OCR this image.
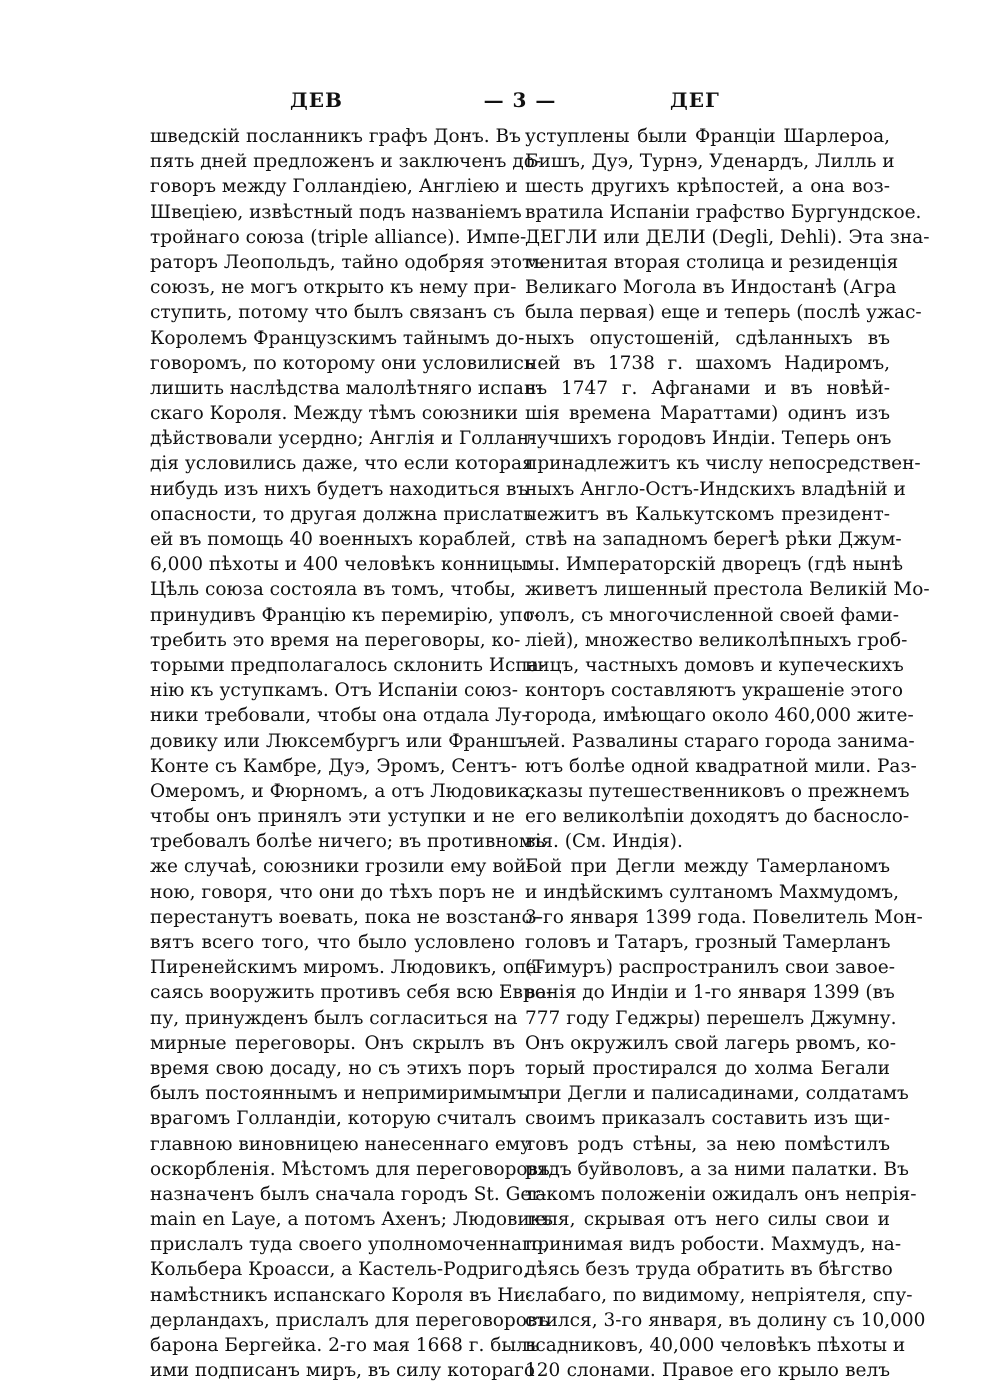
ДЕВ	— 3 —	ДЕГ
шведскій посланникъ графъ Донъ. Въ
пять дней предложенъ и заключенъ до-
говоръ между Голландіею, Англіею и
Швеціею, извѣстный подъ названіемъ
тройнаго союза (triple alliance). Импе-
раторъ Леопольдъ, тайно одобряя этотъ
союзъ, не могъ открыто къ нему при-
ступить, потому что былъ связанъ съ
Королемъ Французскимъ тайнымъ до-
говоромъ, по которому они условились
лишить наслѣдства малолѣтняго испан-
скаго Короля. Между тѣмъ союзники
дѣйствовали усердно; Англія и Голлан-
дія условились даже, что если которая
нибудь изъ нихъ будетъ находиться въ
опасности, то другая должна прислать
ей въ помощь 40 военныхъ кораблей,
6,000 пѣхоты и 400 человѣкъ конницы.
Цѣль союза состояла въ томъ, чтобы,
принудивъ Францію къ перемирію, упо-
требить это время на переговоры, ко-
торыми предполагалось склонить Испа-
нію къ уступкамъ. Отъ Испаніи союз-
ники требовали, чтобы она отдала Лу-
довику или Люксембургъ или Франшъ-
Конте съ Камбре, Дуэ, Эромъ, Сентъ-
Омеромъ, и Фюрномъ, а отъ Людовика,
чтобы онъ принялъ эти уступки и не
требовалъ болѣе ничего; въ противномъ
же случаѣ, союзники грозили ему вой-
ною, говоря, что они до тѣхъ поръ не
перестанутъ воевать, пока не возстано-
вятъ всего того, что было условлено
Пиренейскимъ миромъ. Людовикъ, опа-
саясь вооружить противъ себя всю Евро-
пу, принужденъ былъ согласиться на
мирные переговоры. Онъ скрылъ въ
время свою досаду, но съ этихъ поръ
былъ постояннымъ и непримиримымъ
врагомъ Голландіи, которую считалъ
главною виновницею нанесеннаго ему
оскорбленія. Мѣстомъ для переговоровъ
назначенъ былъ сначала городъ St. Ger-
main en Laye, а потомъ Ахенъ; Людовикъ
прислалъ туда своего уполномоченнаго,
Кольбера Кроасси, а Кастель-Родриго,
намѣстникъ испанскаго Короля въ Ни-
дерландахъ, прислалъ для переговоровъ
барона Бергейка. 2-го мая 1668 г. былъ
ими подписанъ миръ, въ силу котораго
уступлены были Франціи Шарлероа,
Бишъ, Дуэ, Турнэ, Уденардъ, Лилль и
шесть другихъ крѣпостей, а она воз-
вратила Испаніи графство Бургундское.
ДЕГЛИ или ДЕЛИ (Degli, Dehli). Эта зна-
менитая вторая столица и резиденція
Великаго Могола въ Индостанѣ (Агра
была первая) еще и теперь (послѣ ужас-
ныхъ опустошеній, сдѣланныхъ въ
ней въ 1738 г. шахомъ Надиромъ,
въ 1747 г. Афганами и въ новѣй-
шія времена Мараттами) одинъ изъ
лучшихъ городовъ Индіи. Теперь онъ
принадлежитъ къ числу непосредствен-
ныхъ Англо-Остъ-Индскихъ владѣній и
лежитъ въ Калькутскомъ президент-
ствѣ на западномъ берегѣ рѣки Джум-
мы. Императорскій дворецъ (гдѣ нынѣ
живетъ лишенный престола Великій Мо-
голъ, съ многочисленной своей фами-
ліей), множество великолѣпныхъ гроб-
ницъ, частныхъ домовъ и купеческихъ
конторъ составляютъ украшеніе этого
города, имѣющаго около 460,000 жите-
лей. Развалины стараго города занима-
ютъ болѣе одной квадратной мили. Раз-
сказы путешественниковъ о прежнемъ
его великолѣпіи доходятъ до басносло-
вія. (См. Индія).
Бой при Дегли между Тамерланомъ
и индѣйскимъ султаномъ Махмудомъ,
3-го января 1399 года. Повелитель Мон-
головъ и Татаръ, грозный Тамерланъ
(Тимуръ) распространилъ свои завое-
ванія до Индіи и 1-го января 1399 (въ
777 году Геджры) перешелъ Джумну.
Онъ окружилъ свой лагерь рвомъ, ко-
торый простирался до холма Бегали
при Дегли и палисадинами, солдатамъ
своимъ приказалъ составить изъ щи-
товъ родъ стѣны, за нею помѣстилъ
рядъ буйволовъ, а за ними палатки. Въ
такомъ положеніи ожидалъ онъ непрія-
теля, скрывая отъ него силы свои и
принимая видъ робости. Махмудъ, на-
дѣясь безъ труда обратить въ бѣгство
слабаго, по видимому, непріятеля, спу-
стился, 3-го января, въ долину съ 10,000
всадниковъ, 40,000 человѣкъ пѣхоты и
120 слонами. Правое его крыло велъ
